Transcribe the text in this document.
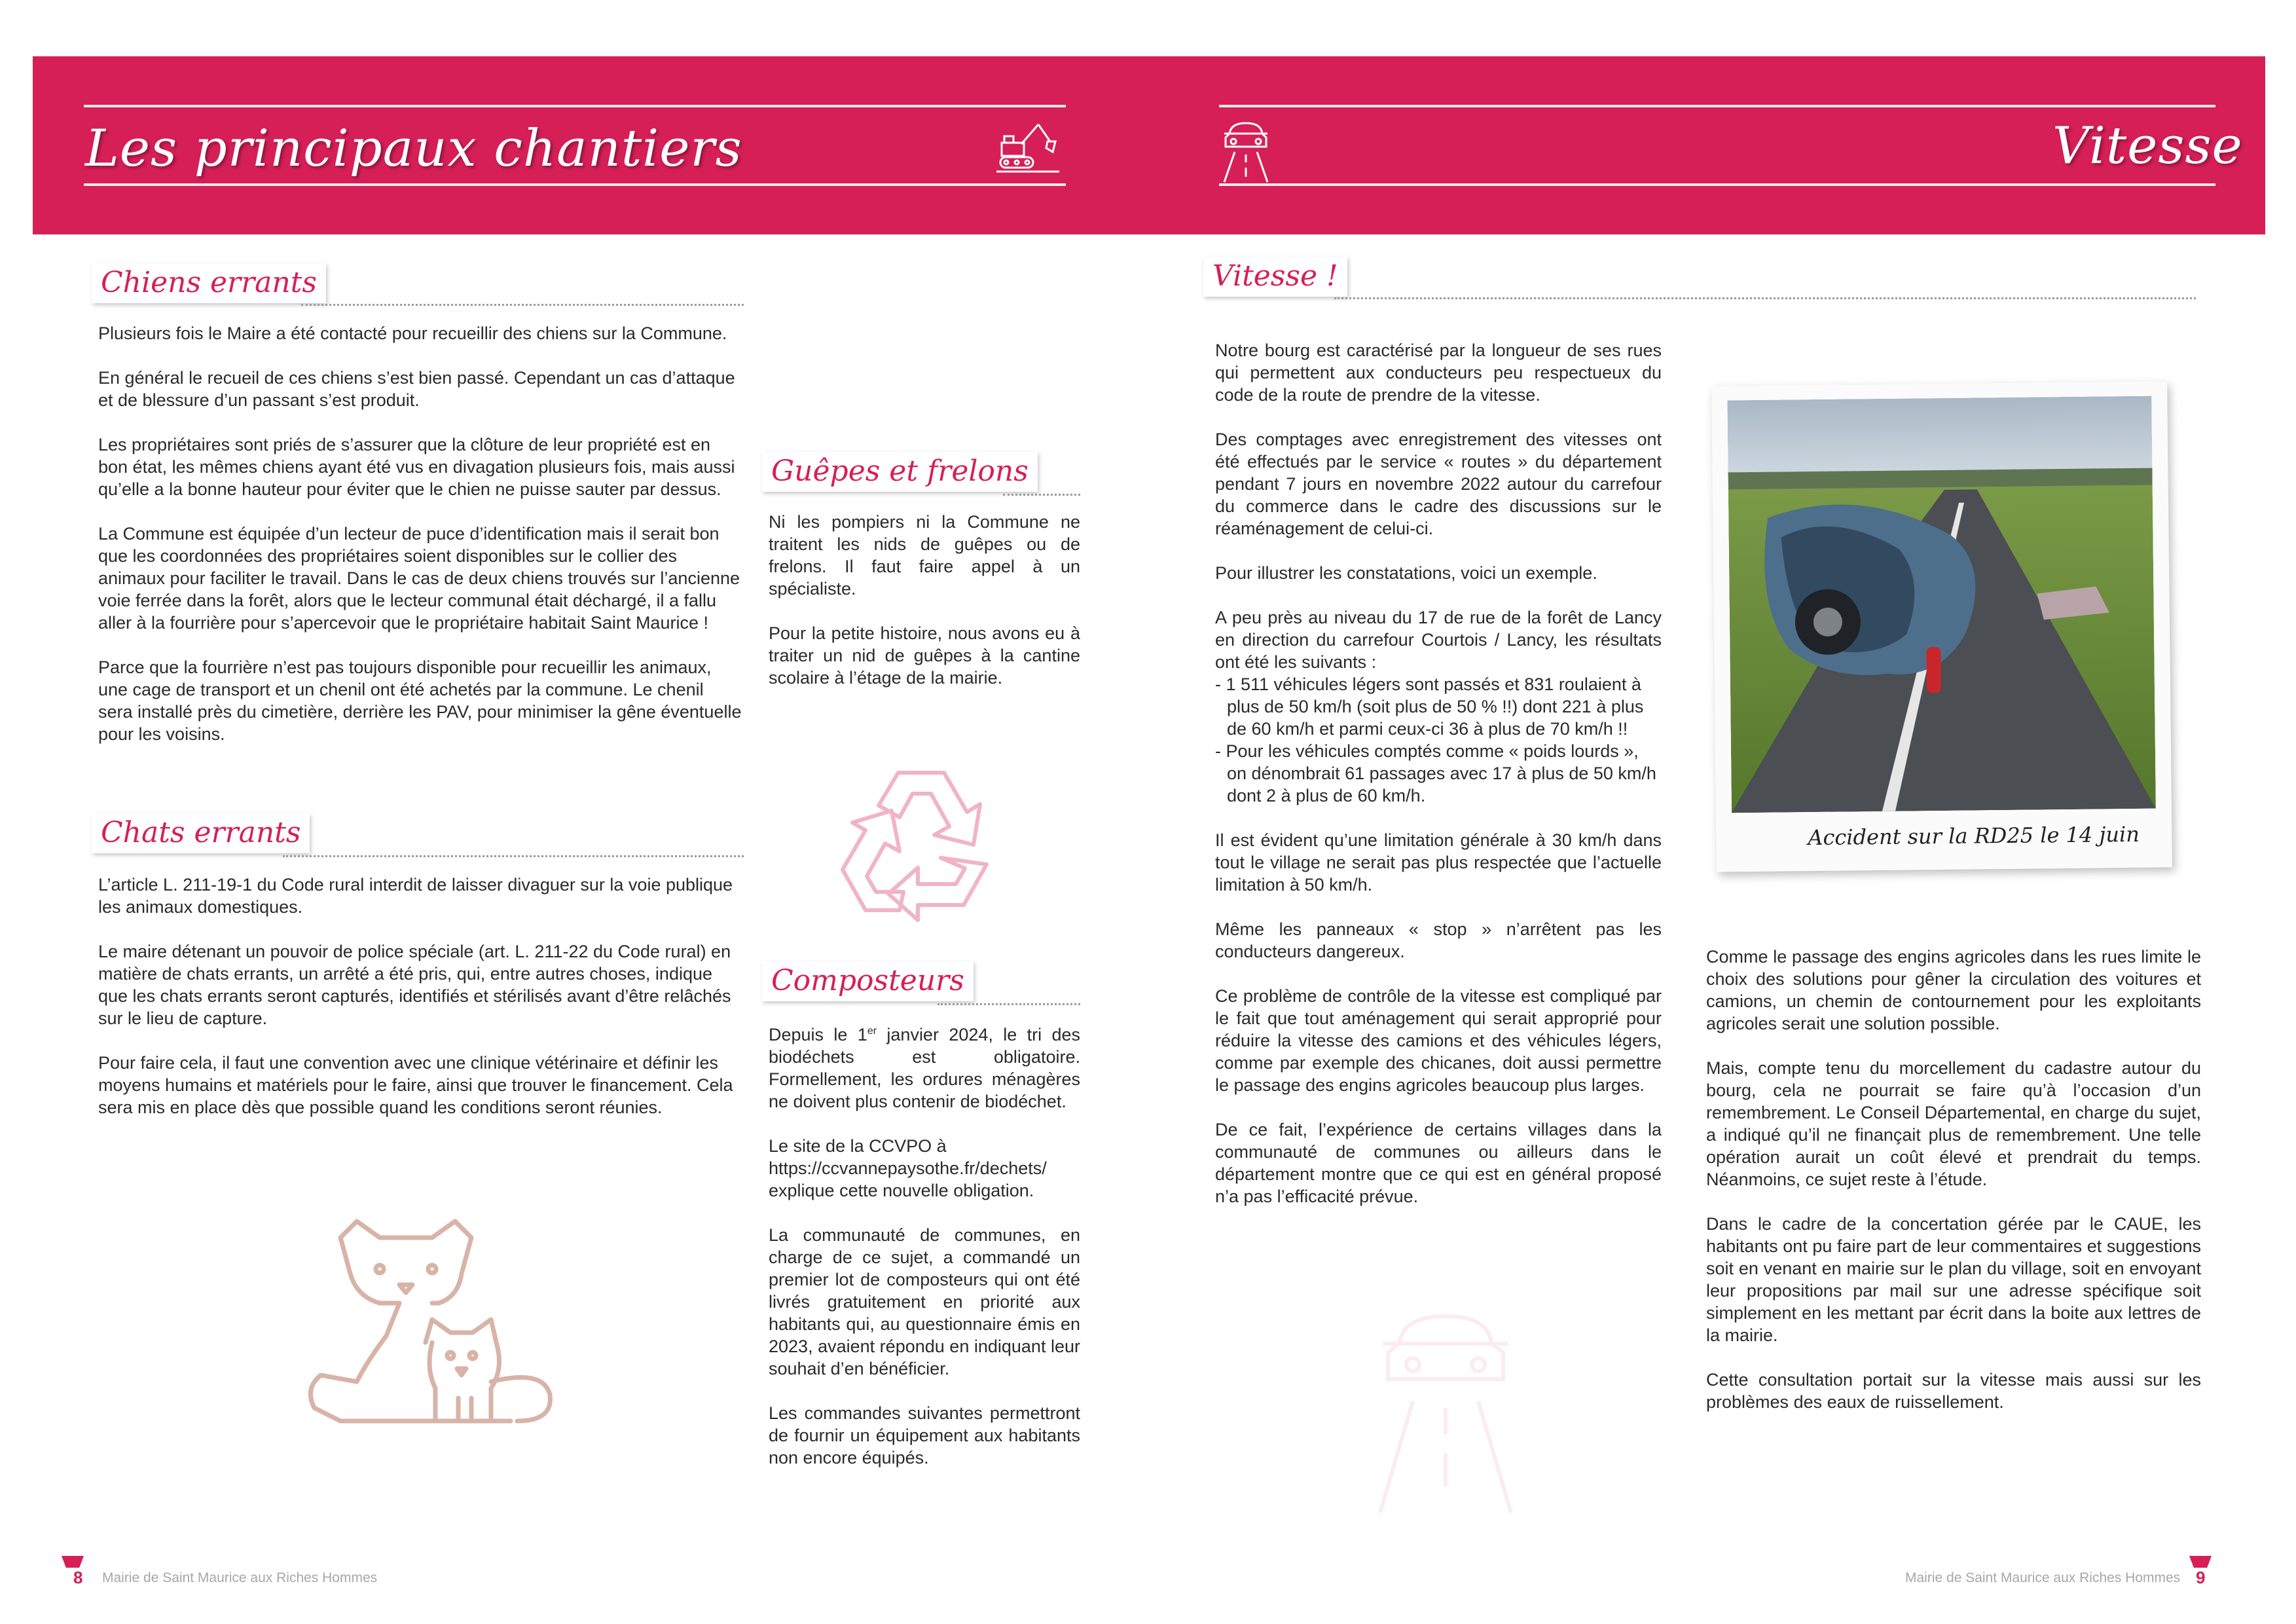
Les principaux chantiers	Vitesse
Chiens errants

Plusieurs fois le Maire a été contacté pour recueillir des chiens sur la Commune.

En général le recueil de ces chiens s’est bien passé. Cependant un cas d’attaque et de blessure d’un passant s’est produit.

Les propriétaires sont priés de s’assurer que la clôture de leur propriété est en bon état, les mêmes chiens ayant été vus en divagation plusieurs fois, mais aussi qu’elle a la bonne hauteur pour éviter que le chien ne puisse sauter par dessus.

La Commune est équipée d’un lecteur de puce d’identification mais il serait bon que les coordonnées des propriétaires soient disponibles sur le collier des animaux pour faciliter le travail. Dans le cas de deux chiens trouvés sur l’ancienne voie ferrée dans la forêt, alors que le lecteur communal était déchargé, il a fallu aller à la fourrière pour s’apercevoir que le propriétaire habitait Saint Maurice !

Parce que la fourrière n’est pas toujours disponible pour recueillir les animaux, une cage de transport et un chenil ont été achetés par la commune. Le chenil sera installé près du cimetière, derrière les PAV, pour minimiser la gêne éventuelle pour les voisins.

Chats errants

L’article L. 211-19-1 du Code rural interdit de laisser divaguer sur la voie publique les animaux domestiques.

Le maire détenant un pouvoir de police spéciale (art. L. 211-22 du Code rural) en matière de chats errants, un arrêté a été pris, qui, entre autres choses, indique que les chats errants seront capturés, identifiés et stérilisés avant d’être relâchés sur le lieu de capture.

Pour faire cela, il faut une convention avec une clinique vétérinaire et définir les moyens humains et matériels pour le faire, ainsi que trouver le financement. Cela sera mis en place dès que possible quand les conditions seront réunies.

Guêpes et frelons

Ni les pompiers ni la Commune ne traitent les nids de guêpes ou de frelons. Il faut faire appel à un spécialiste.

Pour la petite histoire, nous avons eu à traiter un nid de guêpes à la cantine scolaire à l’étage de la mairie.

Composteurs

Depuis le 1er janvier 2024, le tri des biodéchets est obligatoire. Formellement, les ordures ménagères ne doivent plus contenir de biodéchet.

Le site de la CCVPO à
https://ccvannepaysothe.fr/dechets/
explique cette nouvelle obligation.

La communauté de communes, en charge de ce sujet, a commandé un premier lot de composteurs qui ont été livrés gratuitement en priorité aux habitants qui, au questionnaire émis en 2023, avaient répondu en indiquant leur souhait d’en bénéficier.

Les commandes suivantes permettront de fournir un équipement aux habitants non encore équipés.

8 Mairie de Saint Maurice aux Riches Hommes
Vitesse !

Notre bourg est caractérisé par la longueur de ses rues qui permettent aux conducteurs peu respectueux du code de la route de prendre de la vitesse.

Des comptages avec enregistrement des vitesses ont été effectués par le service « routes » du département pendant 7 jours en novembre 2022 autour du carrefour du commerce dans le cadre des discussions sur le réaménagement de celui-ci.

Pour illustrer les constatations, voici un exemple.

A peu près au niveau du 17 de rue de la forêt de Lancy en direction du carrefour Courtois / Lancy, les résultats ont été les suivants :

- 1 511 véhicules légers sont passés et 831 roulaient à plus de 50 km/h (soit plus de 50 % !!) dont 221 à plus de 60 km/h et parmi ceux-ci 36 à plus de 70 km/h !!

- Pour les véhicules comptés comme « poids lourds », on dénombrait 61 passages avec 17 à plus de 50 km/h dont 2 à plus de 60 km/h.

Il est évident qu’une limitation générale à 30 km/h dans tout le village ne serait pas plus respectée que l’actuelle limitation à 50 km/h.

Même les panneaux « stop » n’arrêtent pas les conducteurs dangereux.

Ce problème de contrôle de la vitesse est compliqué par le fait que tout aménagement qui serait approprié pour réduire la vitesse des camions et des véhicules légers, comme par exemple des chicanes, doit aussi permettre le passage des engins agricoles beaucoup plus larges.

De ce fait, l’expérience de certains villages dans la communauté de communes ou ailleurs dans le département montre que ce qui est en général proposé n’a pas l’efficacité prévue.

Accident sur la RD25 le 14 juin

Comme le passage des engins agricoles dans les rues limite le choix des solutions pour gêner la circulation des voitures et camions, un chemin de contournement pour les exploitants agricoles serait une solution possible.

Mais, compte tenu du morcellement du cadastre autour du bourg, cela ne pourrait se faire qu’à l’occasion d’un remembrement. Le Conseil Départemental, en charge du sujet, a indiqué qu’il ne finançait plus de remembrement. Une telle opération aurait un coût élevé et prendrait du temps. Néanmoins, ce sujet reste à l’étude.

Dans le cadre de la concertation gérée par le CAUE, les habitants ont pu faire part de leur commentaires et suggestions soit en venant en mairie sur le plan du village, soit en envoyant leur propositions par mail sur une adresse spécifique soit simplement en les mettant par écrit dans la boite aux lettres de la mairie.

Cette consultation portait sur la vitesse mais aussi sur les problèmes des eaux de ruissellement.

Mairie de Saint Maurice aux Riches Hommes 9
